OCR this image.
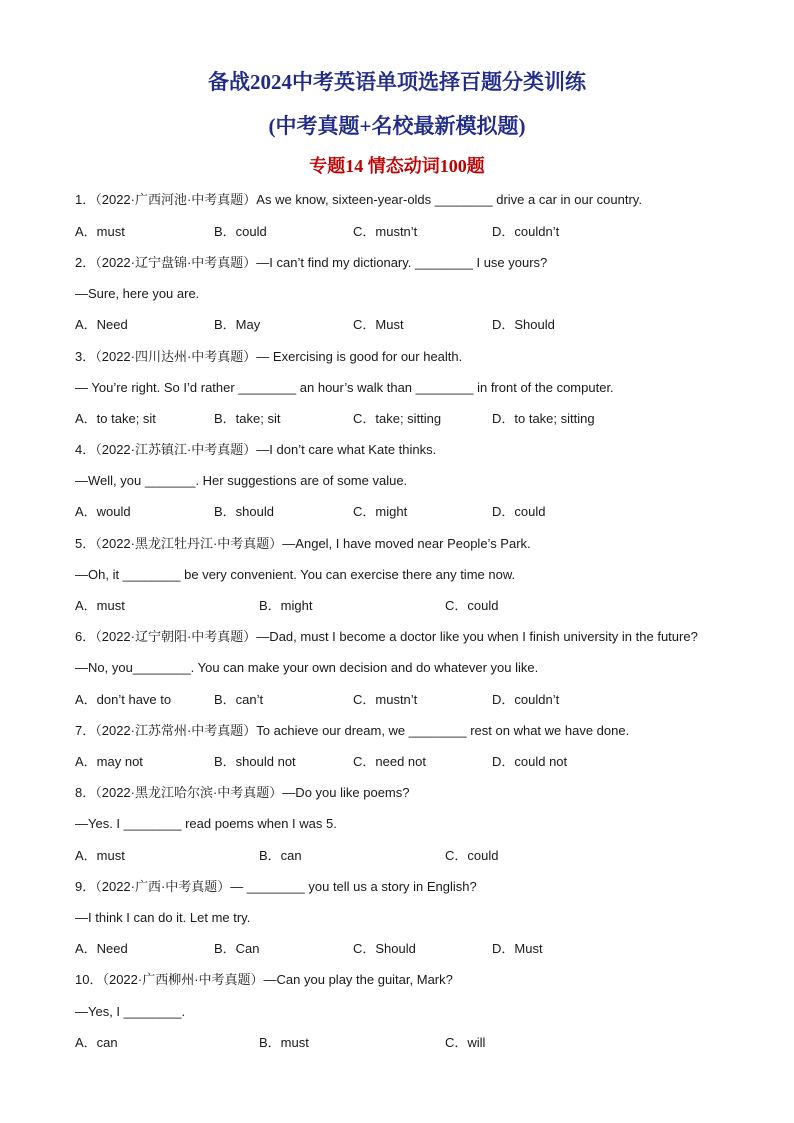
备战2024中考英语单项选择百题分类训练
(中考真题+名校最新模拟题)
专题14 情态动词100题
1．（2022·广西河池·中考真题）As we know, sixteen-year-olds ________ drive a car in our country.
A．must	B．could	C．mustn’t	D．couldn’t
2．（2022·辽宁盘锦·中考真题）—I can’t find my dictionary. ________ I use yours?
—Sure, here you are.
A．Need	B．May	C．Must	D．Should
3．（2022·四川达州·中考真题）— Exercising is good for our health.
— You’re right. So I’d rather ________ an hour’s walk than ________ in front of the computer.
A．to take; sit	B．take; sit	C．take; sitting	D．to take; sitting
4．（2022·江苏镇江·中考真题）—I don’t care what Kate thinks.
—Well, you _______. Her suggestions are of some value.
A．would	B．should	C．might	D．could
5．（2022·黑龙江牡丹江·中考真题）—Angel, I have moved near People’s Park.
—Oh, it ________ be very convenient. You can exercise there any time now.
A．must	B．might	C．could
6．（2022·辽宁朝阳·中考真题）—Dad, must I become a doctor like you when I finish university in the future?
—No, you________. You can make your own decision and do whatever you like.
A．don’t have to	B．can’t	C．mustn’t	D．couldn’t
7．（2022·江苏常州·中考真题）To achieve our dream, we ________ rest on what we have done.
A．may not	B．should not	C．need not	D．could not
8．（2022·黑龙江哈尔滨·中考真题）—Do you like poems?
—Yes. I ________ read poems when I was 5.
A．must	B．can	C．could
9．（2022·广西·中考真题）— ________ you tell us a story in English?
—I think I can do it. Let me try.
A．Need	B．Can	C．Should	D．Must
10．（2022·广西柳州·中考真题）—Can you play the guitar, Mark?
—Yes, I ________.
A．can	B．must	C．will
